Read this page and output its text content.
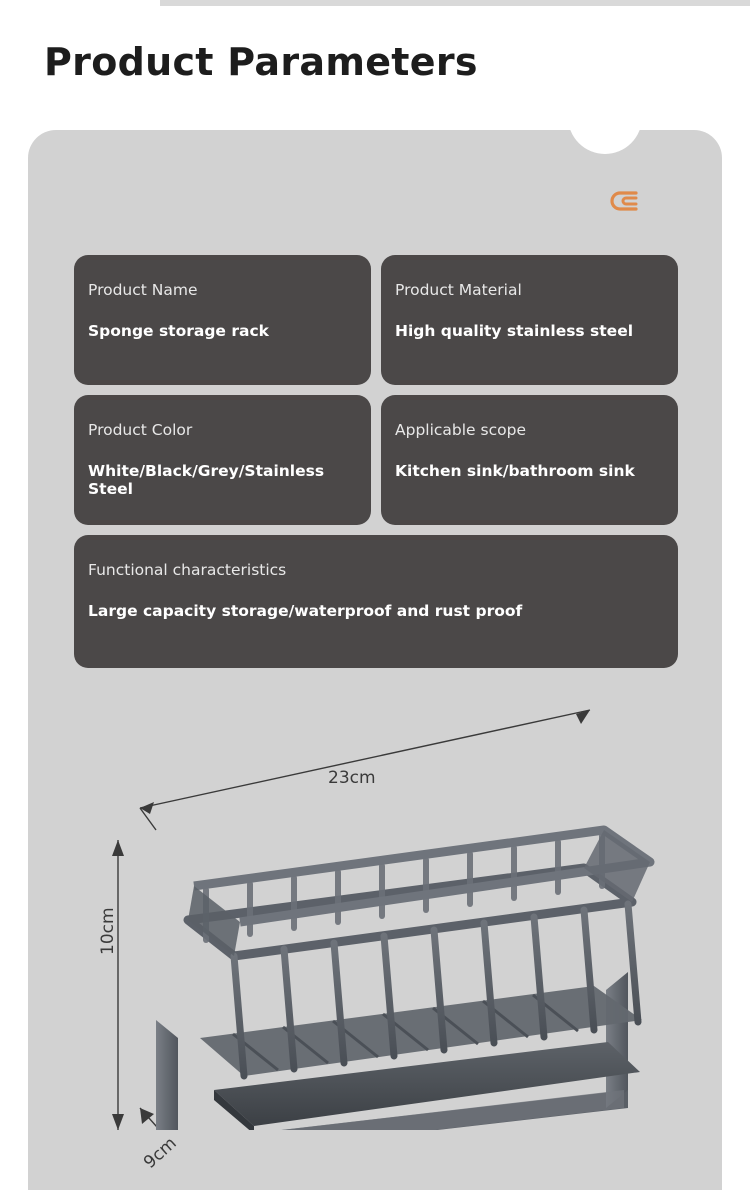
Product Parameters
Product Name
Sponge storage rack
Product Material
High quality stainless steel
Product Color
White/Black/Grey/Stainless Steel
Applicable scope
Kitchen sink/bathroom sink
Functional characteristics
Large capacity storage/waterproof and rust proof
23cm
10cm
9cm
